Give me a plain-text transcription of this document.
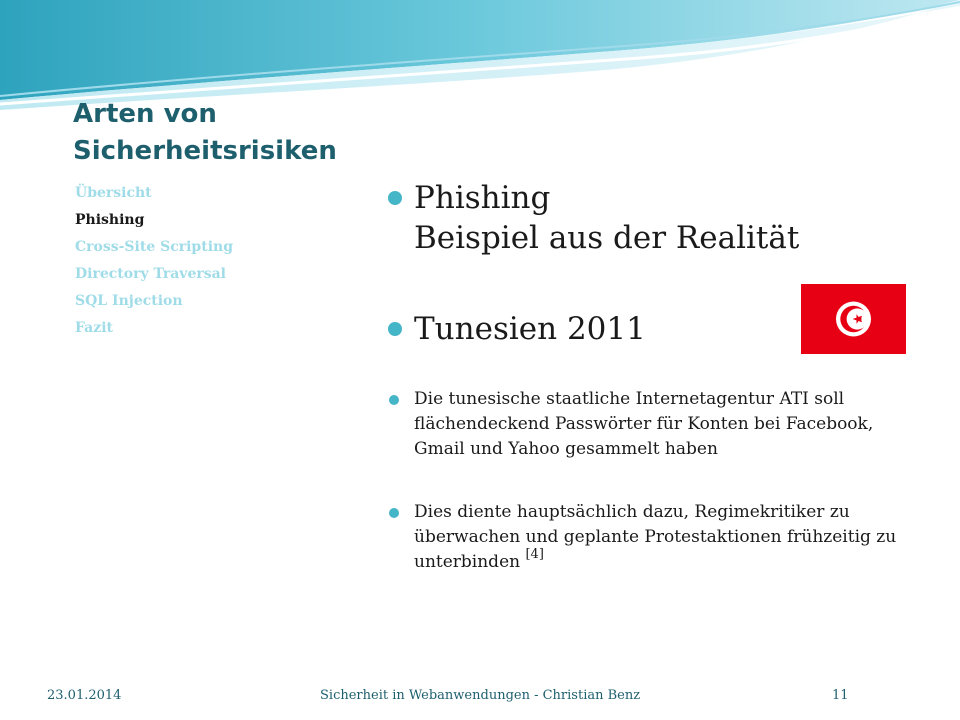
Arten von Sicherheitsrisiken
Übersicht
Phishing
Cross-Site Scripting
Directory Traversal
SQL Injection
Fazit
Phishing
Beispiel aus der Realität
Tunesien 2011
Die tunesische staatliche Internetagentur ATI soll flächendeckend Passwörter für Konten bei Facebook, Gmail und Yahoo gesammelt haben
Dies diente hauptsächlich dazu, Regimekritiker zu überwachen und geplante Protestaktionen frühzeitig zu unterbinden [4]
23.01.2014	Sicherheit in Webanwendungen - Christian Benz	11
